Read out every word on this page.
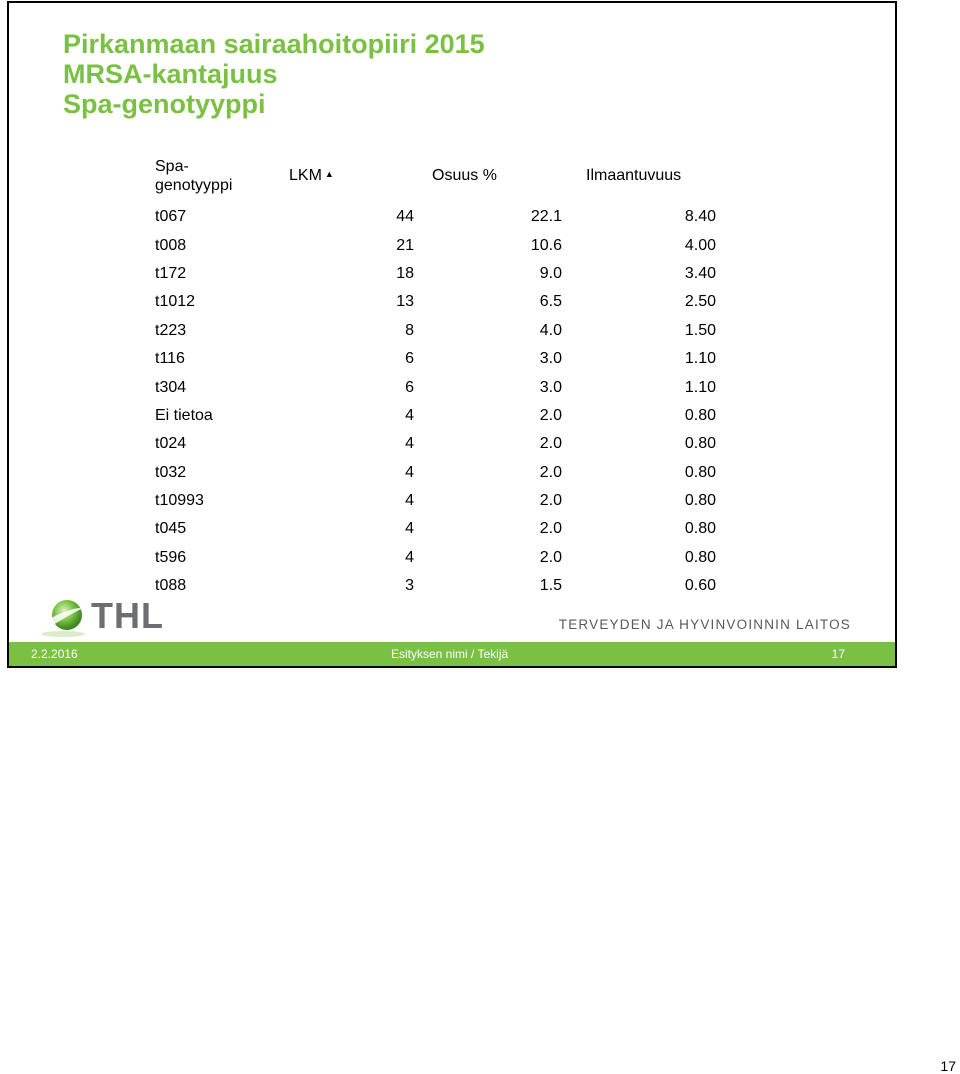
Pirkanmaan sairaahoitopiiri 2015
MRSA-kantajuus
Spa-genotyyppi
Spa-
genotyyppi	LKM ▲	Osuus %	Ilmaantuvuus
t067	44	22.1	8.40
t008	21	10.6	4.00
t172	18	9.0	3.40
t1012	13	6.5	2.50
t223	8	4.0	1.50
t116	6	3.0	1.10
t304	6	3.0	1.10
Ei tietoa	4	2.0	0.80
t024	4	2.0	0.80
t032	4	2.0	0.80
t10993	4	2.0	0.80
t045	4	2.0	0.80
t596	4	2.0	0.80
t088	3	1.5	0.60
THL	TERVEYDEN JA HYVINVOINNIN LAITOS
2.2.2016	Esityksen nimi / Tekijä	17
17
